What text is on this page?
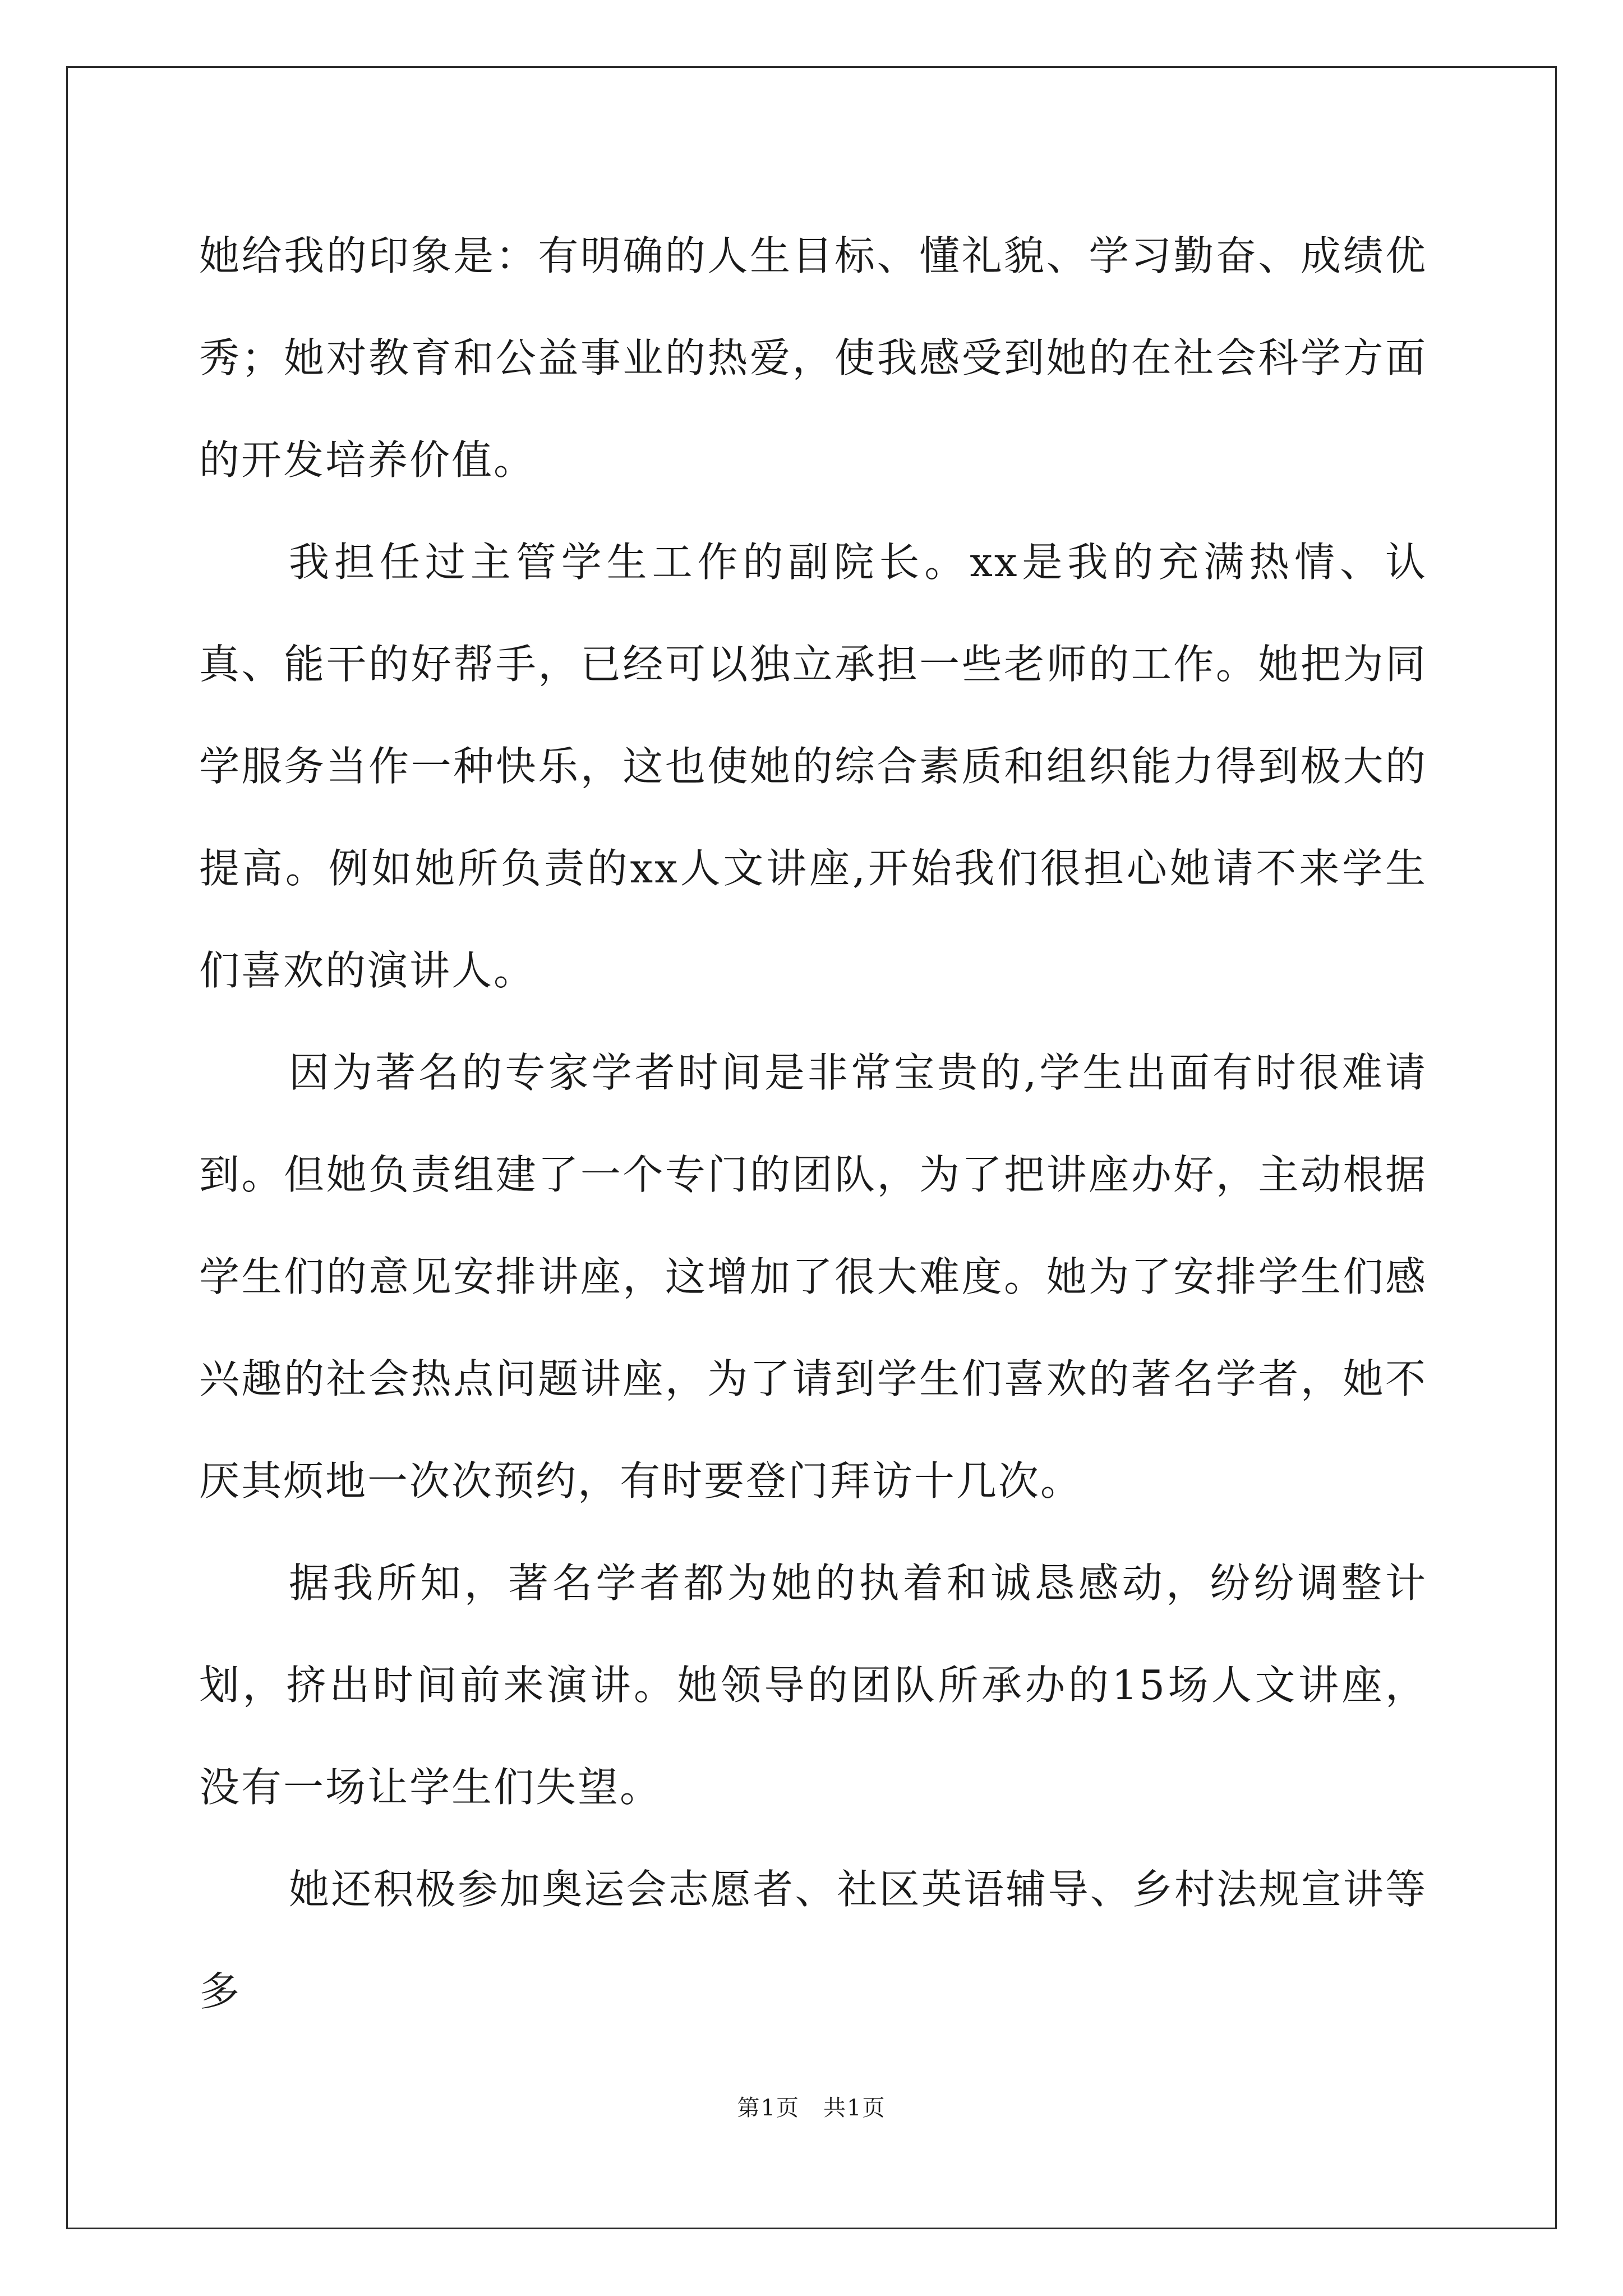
她给我的印象是：有明确的人生目标、懂礼貌、学习勤奋、成绩优秀；她对教育和公益事业的热爱，使我感受到她的在社会科学方面的开发培养价值。

我担任过主管学生工作的副院长。xx是我的充满热情、认真、能干的好帮手，已经可以独立承担一些老师的工作。她把为同学服务当作一种快乐，这也使她的综合素质和组织能力得到极大的提高。例如她所负责的xx人文讲座,开始我们很担心她请不来学生们喜欢的演讲人。

因为著名的专家学者时间是非常宝贵的,学生出面有时很难请到。但她负责组建了一个专门的团队，为了把讲座办好，主动根据学生们的意见安排讲座，这增加了很大难度。她为了安排学生们感兴趣的社会热点问题讲座，为了请到学生们喜欢的著名学者，她不厌其烦地一次次预约，有时要登门拜访十几次。

据我所知，著名学者都为她的执着和诚恳感动，纷纷调整计划，挤出时间前来演讲。她领导的团队所承办的15场人文讲座，没有一场让学生们失望。

她还积极参加奥运会志愿者、社区英语辅导、乡村法规宣讲等多

第1页　共1页
